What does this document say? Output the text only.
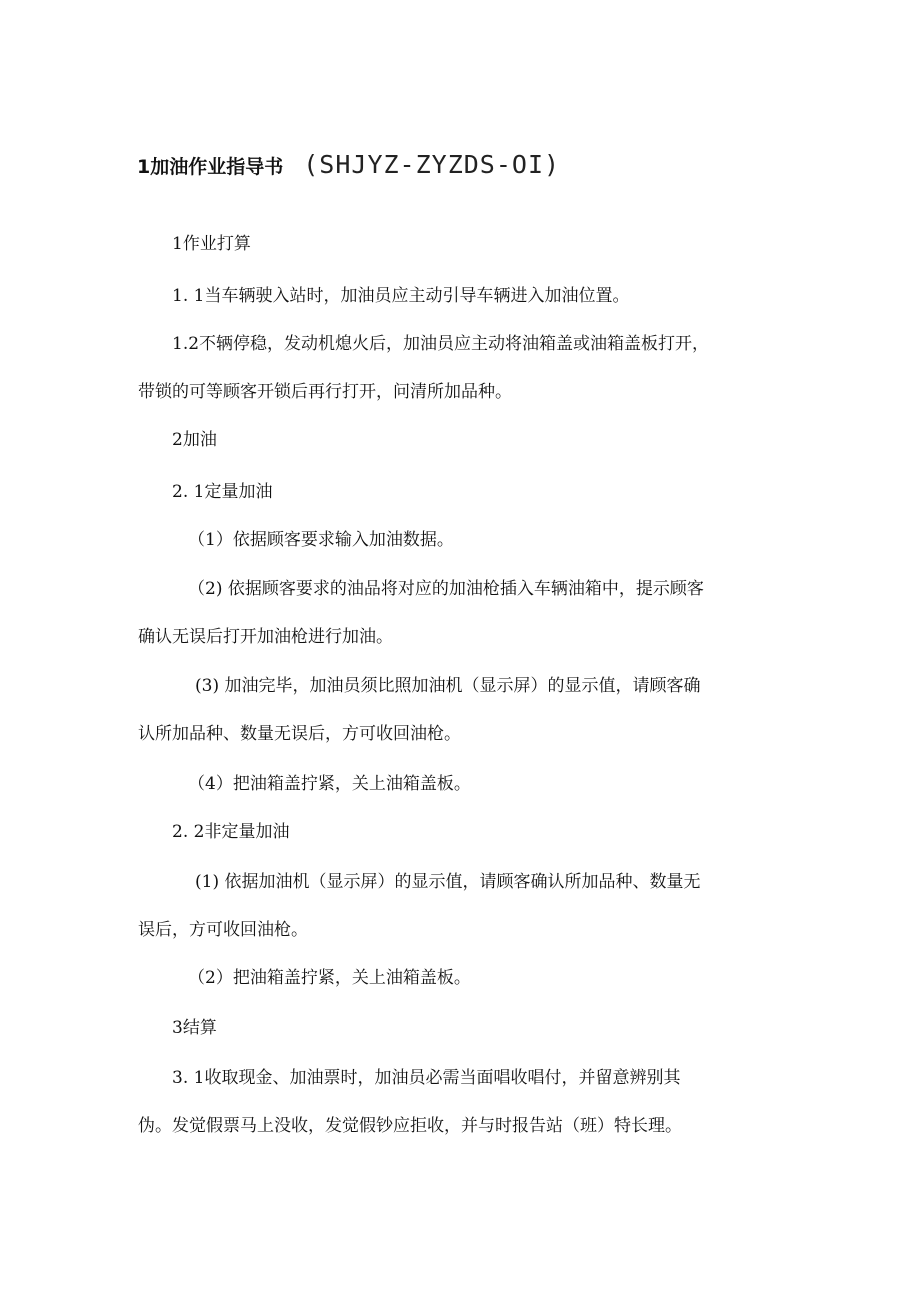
1加油作业指导书 (SHJYZ-ZYZDS-OI)
1作业打算
1. 1当车辆驶入站时，加油员应主动引导车辆进入加油位置。
1.2不辆停稳，发动机熄火后，加油员应主动将油箱盖或油箱盖板打开，
带锁的可等顾客开锁后再行打开，问清所加品种。
2加油
2. 1定量加油
（1）依据顾客要求输入加油数据。
（2) 依据顾客要求的油品将对应的加油枪插入车辆油箱中，提示顾客
确认无误后打开加油枪进行加油。
(3) 加油完毕，加油员须比照加油机（显示屏）的显示值，请顾客确
认所加品种、数量无误后，方可收回油枪。
（4）把油箱盖拧紧，关上油箱盖板。
2. 2非定量加油
(1) 依据加油机（显示屏）的显示值，请顾客确认所加品种、数量无
误后，方可收回油枪。
（2）把油箱盖拧紧，关上油箱盖板。
3结算
3. 1收取现金、加油票时，加油员必需当面唱收唱付，并留意辨别其
伪。发觉假票马上没收，发觉假钞应拒收，并与时报告站（班）特长理。
